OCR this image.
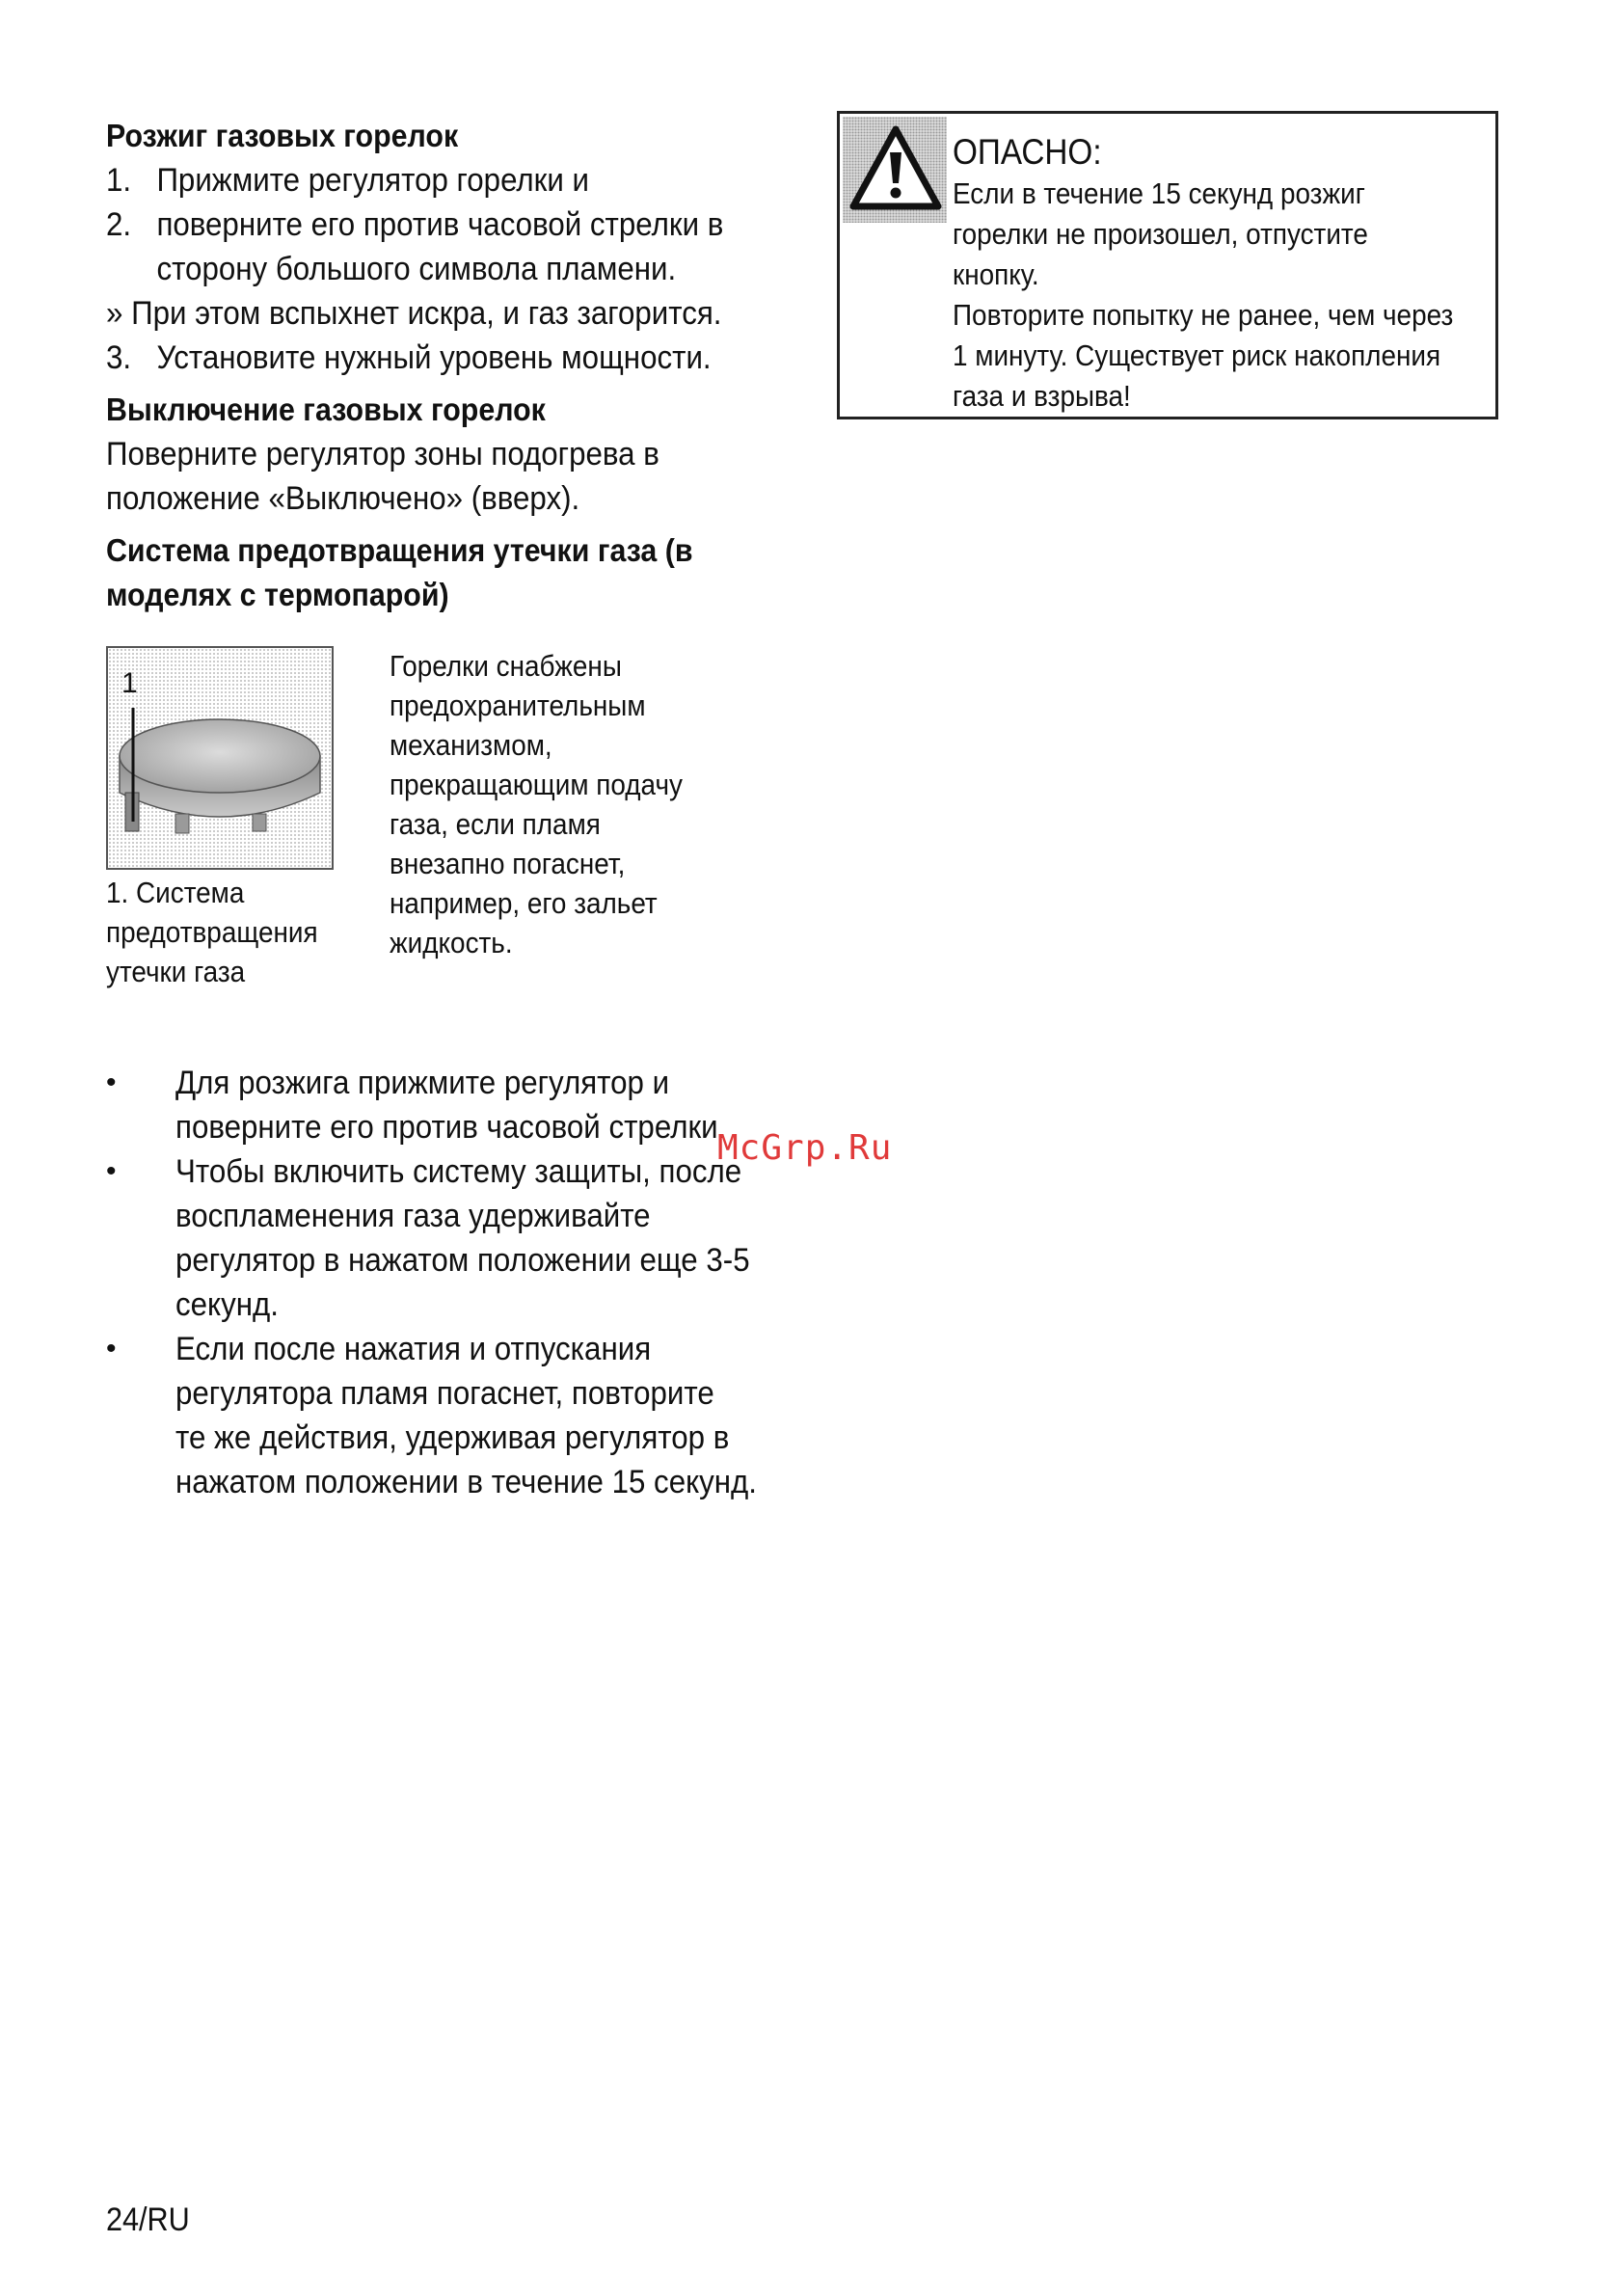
Розжиг газовых горелок
1. Прижмите регулятор горелки и
2. поверните его против часовой стрелки в
сторону большого символа пламени.
» При этом вспыхнет искра, и газ загорится.
3. Установите нужный уровень мощности.
Выключение газовых горелок
Поверните регулятор зоны подогрева в
положение «Выключено» (вверх).
Система предотвращения утечки газа (в
моделях с термопарой)
ОПАСНО:
Если в течение 15 секунд розжиг
горелки не произошел, отпустите
кнопку.
Повторите попытку не ранее, чем через
1 минуту. Существует риск накопления
газа и взрыва!
1
1. Система
предотвращения
утечки газа
Горелки снабжены
предохранительным
механизмом,
прекращающим подачу
газа, если пламя
внезапно погаснет,
например, его зальет
жидкость.
•	Для розжига прижмите регулятор и
поверните его против часовой стрелки.
•	Чтобы включить систему защиты, после
воспламенения газа удерживайте
регулятор в нажатом положении еще 3-5
секунд.
•	Если после нажатия и отпускания
регулятора пламя погаснет, повторите
те же действия, удерживая регулятор в
нажатом положении в течение 15 секунд.
McGrp.Ru
24/RU
